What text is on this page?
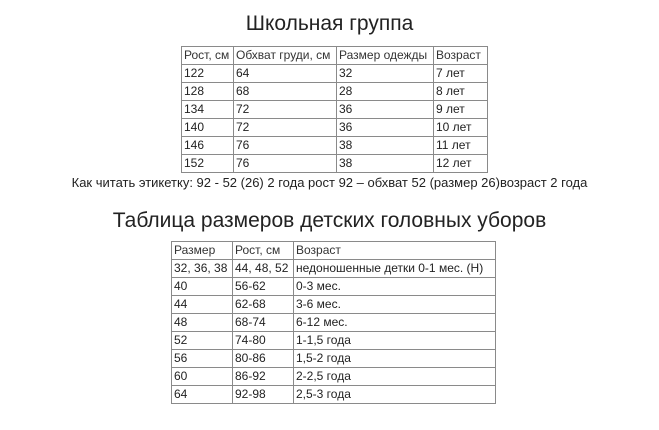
Школьная группа
Рост, см	Обхват груди, см	Размер одежды	Возраст
122	64	32	7 лет
128	68	28	8 лет
134	72	36	9 лет
140	72	36	10 лет
146	76	38	11 лет
152	76	38	12 лет
Как читать этикетку: 92 - 52 (26) 2 года рост 92 – обхват 52 (размер 26)возраст 2 года
Таблица размеров детских головных уборов
Размер	Рост, см	Возраст
32, 36, 38	44, 48, 52	недоношенные детки 0-1 мес. (Н)
40	56-62	0-3 мес.
44	62-68	3-6 мес.
48	68-74	6-12 мес.
52	74-80	1-1,5 года
56	80-86	1,5-2 года
60	86-92	2-2,5 года
64	92-98	2,5-3 года
